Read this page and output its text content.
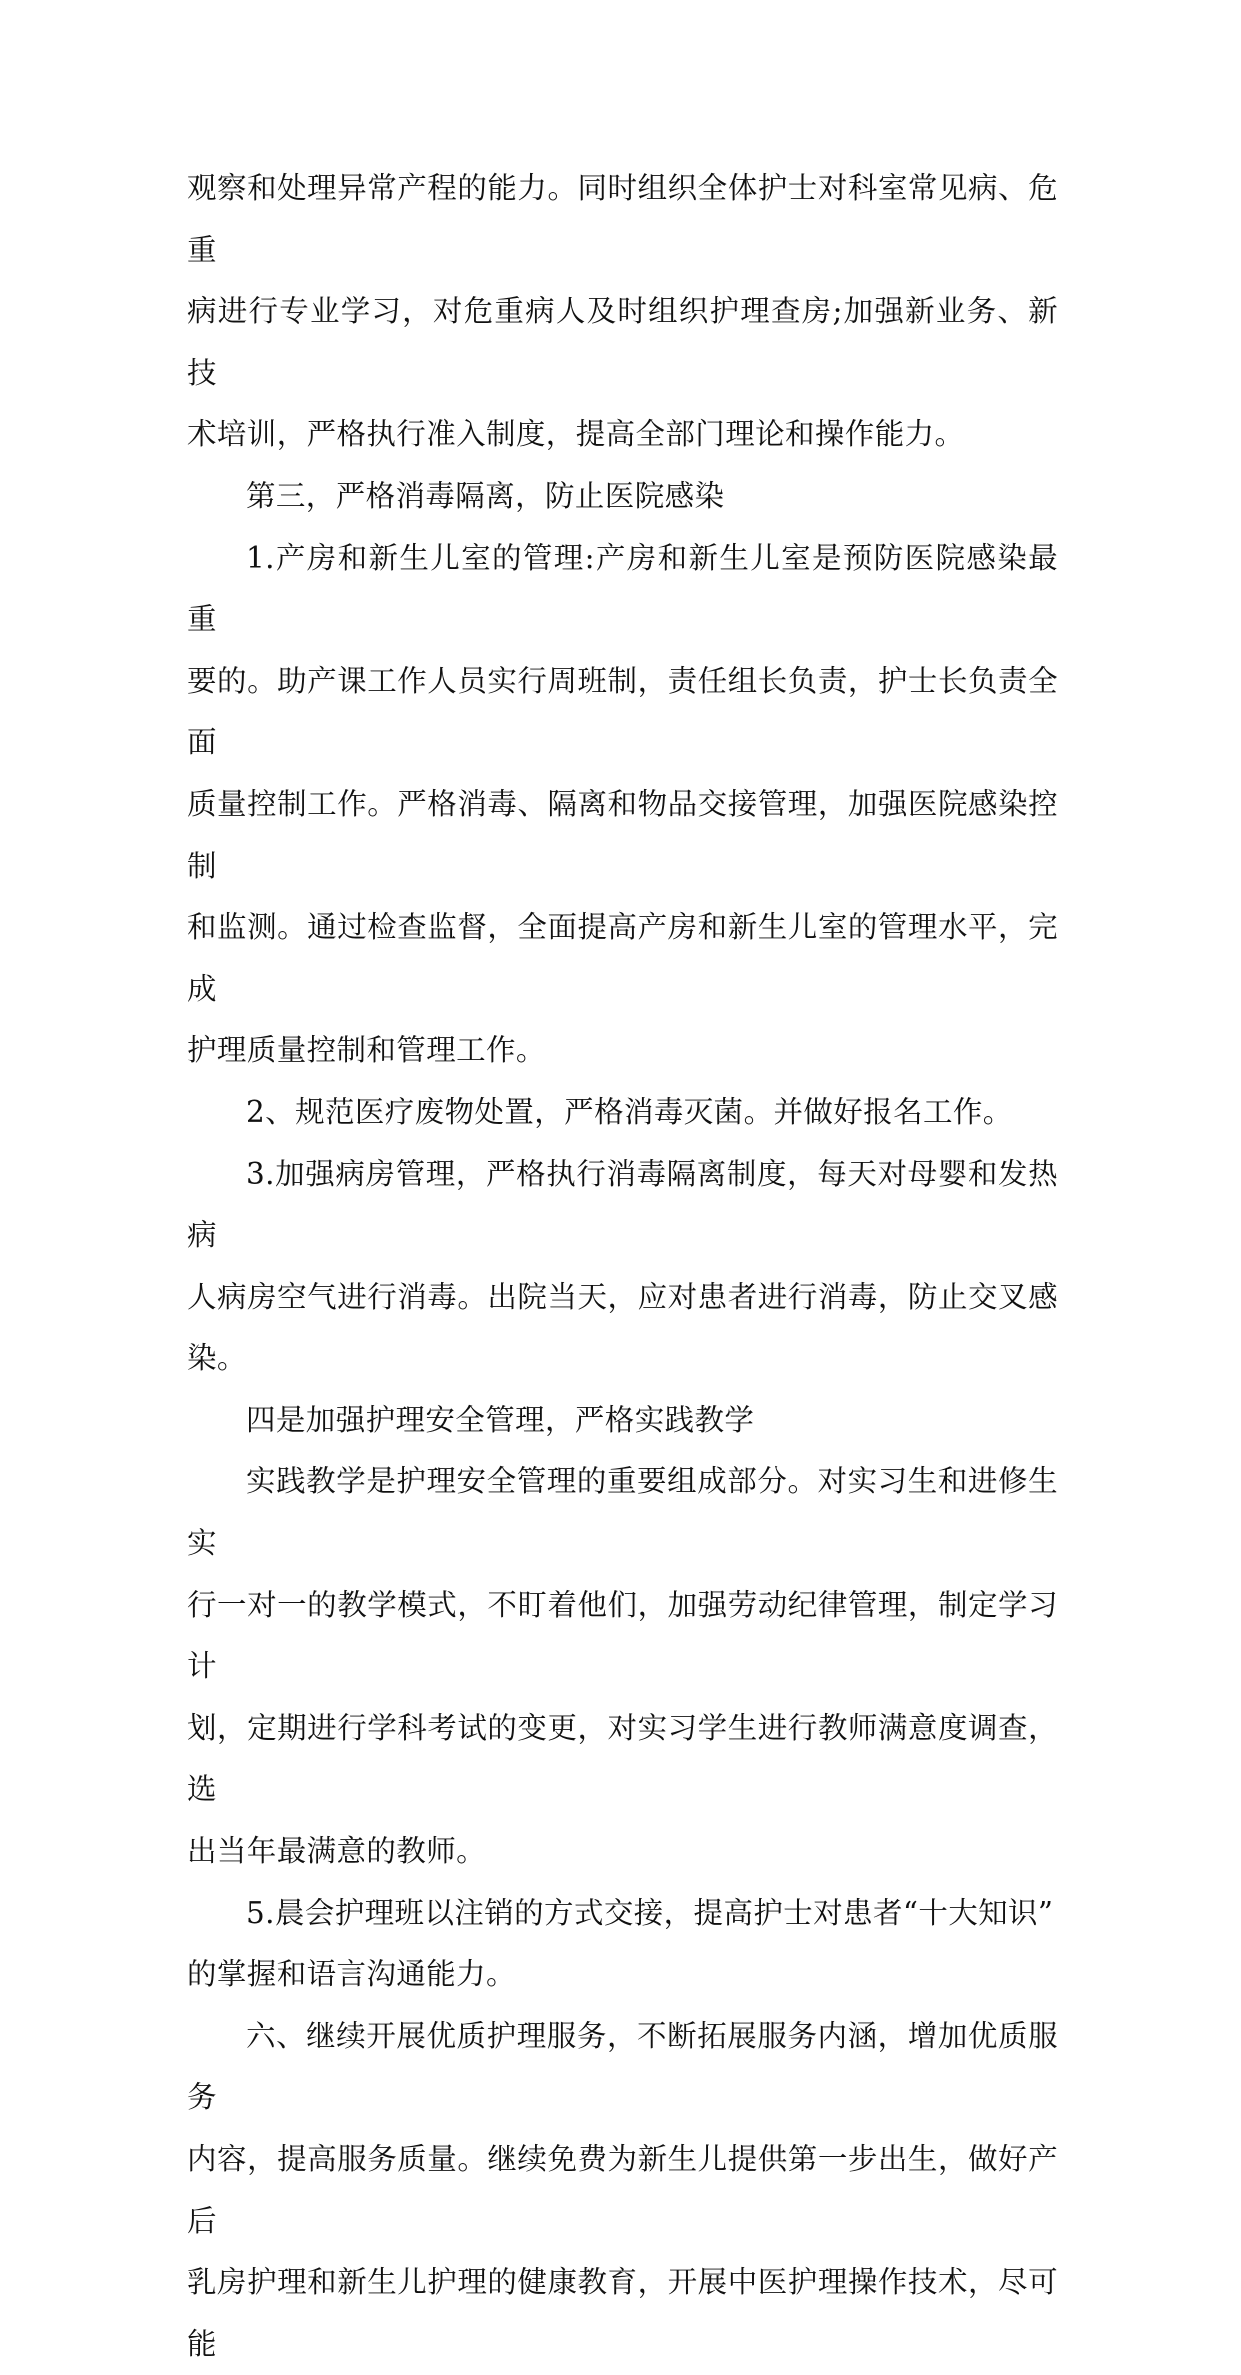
观察和处理异常产程的能力。同时组织全体护士对科室常见病、危重
病进行专业学习，对危重病人及时组织护理查房;加强新业务、新技
术培训，严格执行准入制度，提高全部门理论和操作能力。

第三，严格消毒隔离，防止医院感染

1.产房和新生儿室的管理:产房和新生儿室是预防医院感染最重
要的。助产课工作人员实行周班制，责任组长负责，护士长负责全面
质量控制工作。严格消毒、隔离和物品交接管理，加强医院感染控制
和监测。通过检查监督，全面提高产房和新生儿室的管理水平，完成
护理质量控制和管理工作。

2、规范医疗废物处置，严格消毒灭菌。并做好报名工作。

3.加强病房管理，严格执行消毒隔离制度，每天对母婴和发热病
人病房空气进行消毒。出院当天，应对患者进行消毒，防止交叉感染。

四是加强护理安全管理，严格实践教学

实践教学是护理安全管理的重要组成部分。对实习生和进修生实
行一对一的教学模式，不盯着他们，加强劳动纪律管理，制定学习计
划，定期进行学科考试的变更，对实习学生进行教师满意度调查，选
出当年最满意的教师。

5.晨会护理班以注销的方式交接，提高护士对患者“十大知识”
的掌握和语言沟通能力。

六、继续开展优质护理服务，不断拓展服务内涵，增加优质服务
内容，提高服务质量。继续免费为新生儿提供第一步出生，做好产后
乳房护理和新生儿护理的健康教育，开展中医护理操作技术，尽可能
